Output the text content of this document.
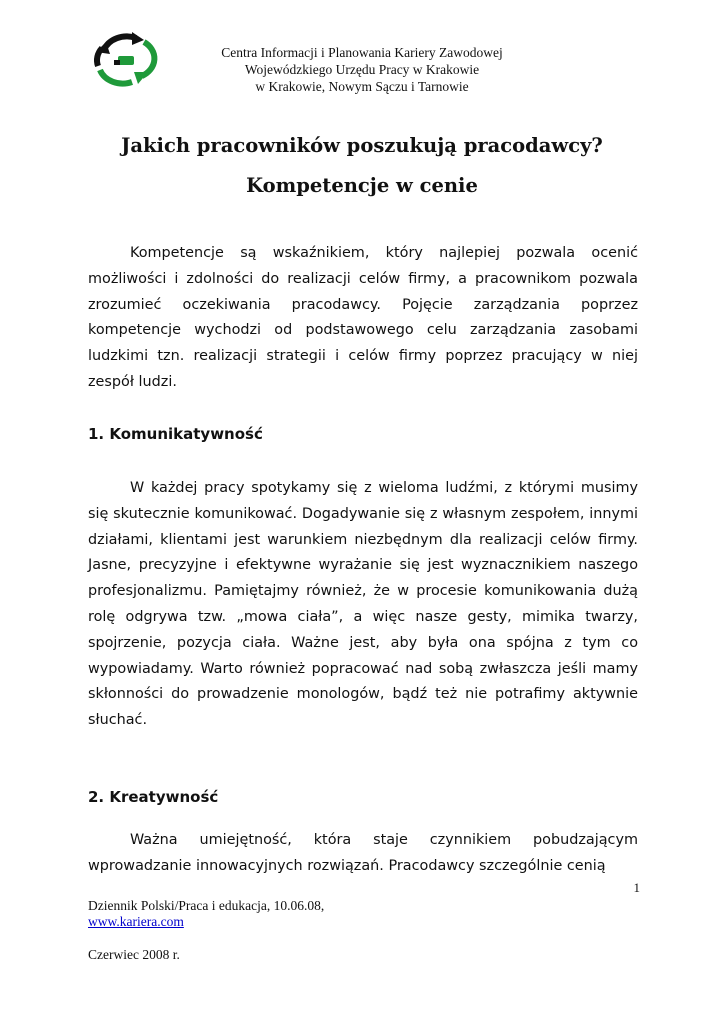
Centra Informacji i Planowania Kariery Zawodowej
Wojewódzkiego Urzędu Pracy w Krakowie
w Krakowie, Nowym Sączu i Tarnowie
Jakich pracowników poszukują pracodawcy?
Kompetencje w cenie

Kompetencje są wskaźnikiem, który najlepiej pozwala ocenić możliwości i zdolności do realizacji celów firmy, a pracownikom pozwala zrozumieć oczekiwania pracodawcy. Pojęcie zarządzania poprzez kompetencje wychodzi od podstawowego celu zarządzania zasobami ludzkimi tzn. realizacji strategii i celów firmy poprzez pracujący w niej zespół ludzi.

1. Komunikatywność

W każdej pracy spotykamy się z wieloma ludźmi, z którymi musimy się skutecznie komunikować. Dogadywanie się z własnym zespołem, innymi działami, klientami jest warunkiem niezbędnym dla realizacji celów firmy. Jasne, precyzyjne i efektywne wyrażanie się jest wyznacznikiem naszego profesjonalizmu. Pamiętajmy również, że w procesie komunikowania dużą rolę odgrywa tzw. „mowa ciała”, a więc nasze gesty, mimika twarzy, spojrzenie, pozycja ciała. Ważne jest, aby była ona spójna z tym co wypowiadamy. Warto również popracować nad sobą zwłaszcza jeśli mamy skłonności do prowadzenie monologów, bądź też nie potrafimy aktywnie słuchać.

2. Kreatywność

Ważna umiejętność, która staje czynnikiem pobudzającym wprowadzanie innowacyjnych rozwiązań. Pracodawcy szczególnie cenią

1
Dziennik Polski/Praca i edukacja, 10.06.08,
www.kariera.com
Czerwiec 2008 r.
